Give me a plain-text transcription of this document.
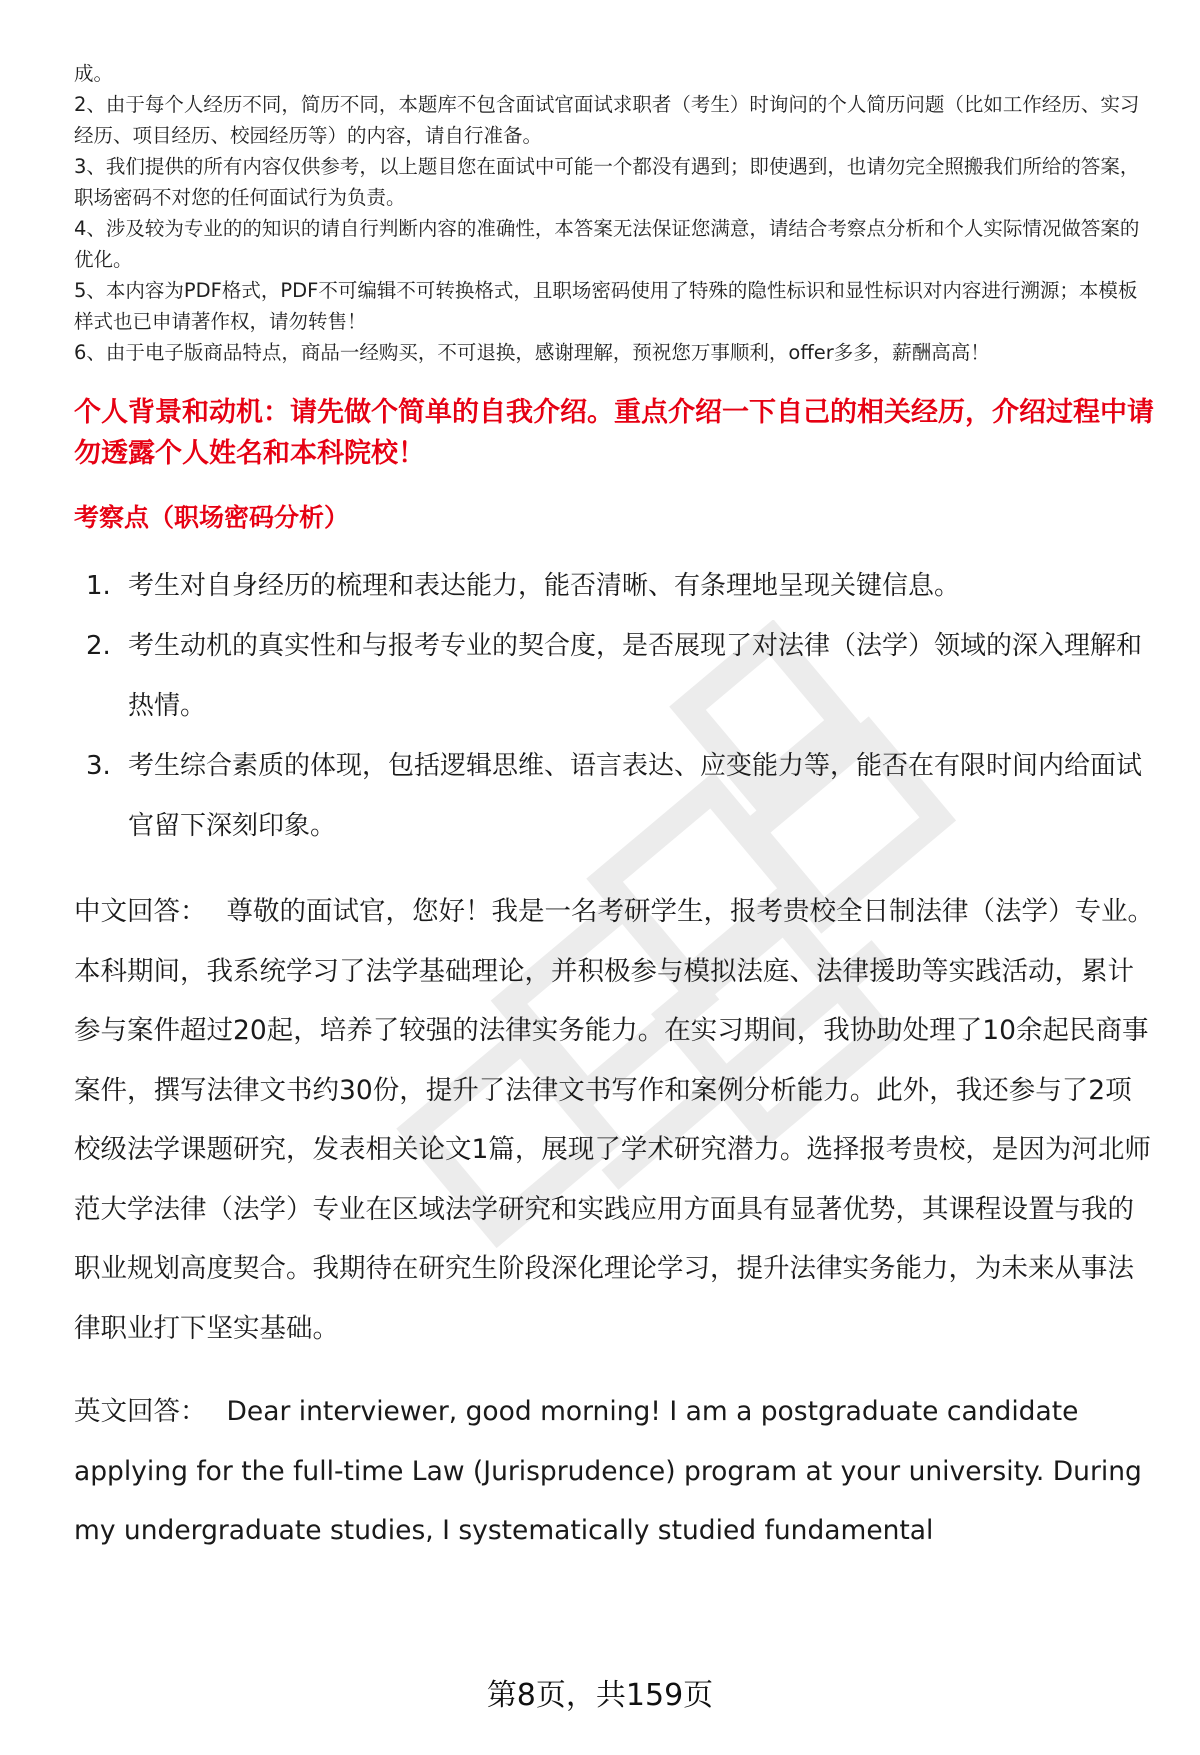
成。

2、由于每个人经历不同，简历不同，本题库不包含面试官面试求职者（考生）时询问的个人简历问题（比如工作经历、实习经历、项目经历、校园经历等）的内容，请自行准备。

3、我们提供的所有内容仅供参考，以上题目您在面试中可能一个都没有遇到；即使遇到，也请勿完全照搬我们所给的答案，职场密码不对您的任何面试行为负责。

4、涉及较为专业的的知识的请自行判断内容的准确性，本答案无法保证您满意，请结合考察点分析和个人实际情况做答案的优化。

5、本内容为PDF格式，PDF不可编辑不可转换格式，且职场密码使用了特殊的隐性标识和显性标识对内容进行溯源；本模板样式也已申请著作权，请勿转售！

6、由于电子版商品特点，商品一经购买，不可退换，感谢理解，预祝您万事顺利，offer多多，薪酬高高！

个人背景和动机：请先做个简单的自我介绍。重点介绍一下自己的相关经历，介绍过程中请勿透露个人姓名和本科院校！
考察点（职场密码分析）
1. 考生对自身经历的梳理和表达能力，能否清晰、有条理地呈现关键信息。
2. 考生动机的真实性和与报考专业的契合度，是否展现了对法律（法学）领域的深入理解和热情。
3. 考生综合素质的体现，包括逻辑思维、语言表达、应变能力等，能否在有限时间内给面试官留下深刻印象。

中文回答： 尊敬的面试官，您好！我是一名考研学生，报考贵校全日制法律（法学）专业。本科期间，我系统学习了法学基础理论，并积极参与模拟法庭、法律援助等实践活动，累计参与案件超过20起，培养了较强的法律实务能力。在实习期间，我协助处理了10余起民商事案件，撰写法律文书约30份，提升了法律文书写作和案例分析能力。此外，我还参与了2项校级法学课题研究，发表相关论文1篇，展现了学术研究潜力。选择报考贵校，是因为河北师范大学法律（法学）专业在区域法学研究和实践应用方面具有显著优势，其课程设置与我的职业规划高度契合。我期待在研究生阶段深化理论学习，提升法律实务能力，为未来从事法律职业打下坚实基础。

英文回答： Dear interviewer, good morning! I am a postgraduate candidate applying for the full-time Law (Jurisprudence) program at your university. During my undergraduate studies, I systematically studied fundamental

第8页，共159页
